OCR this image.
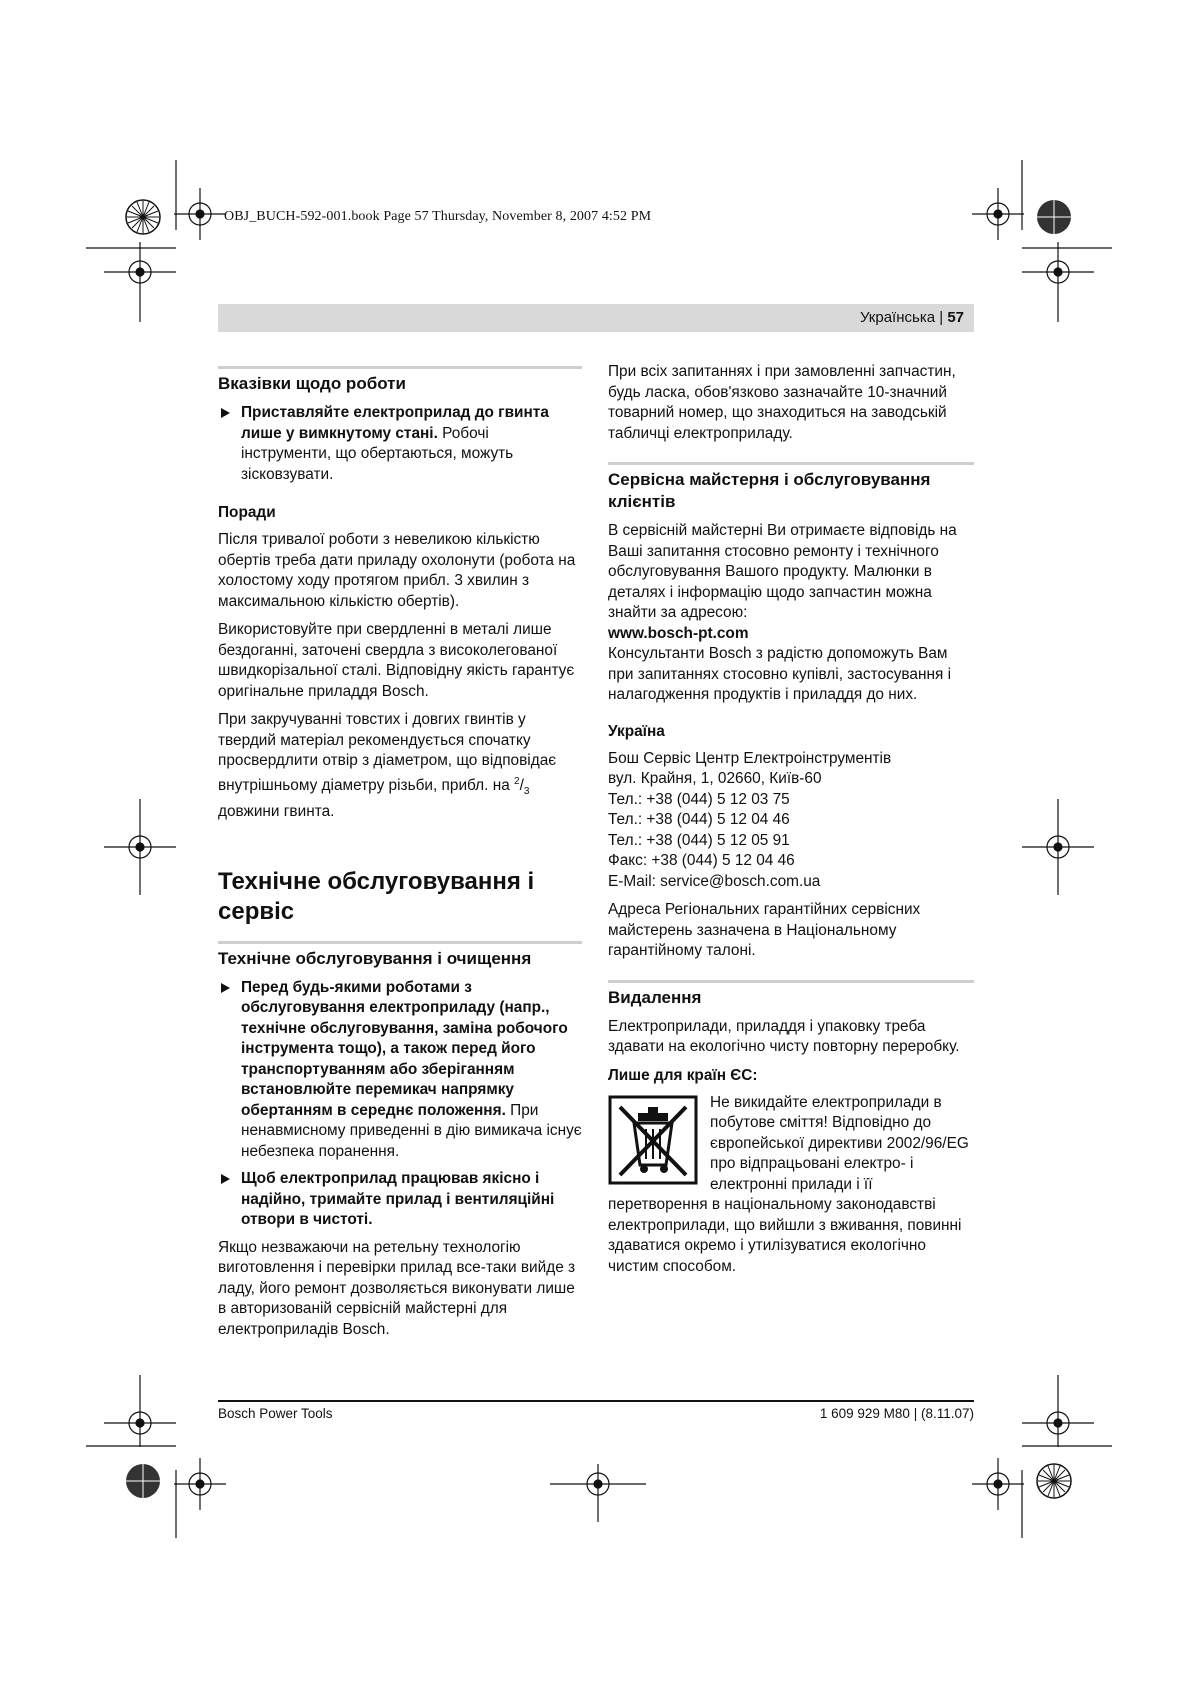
OBJ_BUCH-592-001.book Page 57 Thursday, November 8, 2007 4:52 PM
Українська | 57
Вказівки щодо роботи
Приставляйте електроприлад до гвинта лише у вимкнутому стані. Робочі інструменти, що обертаються, можуть зісковзувати.
Поради

Після тривалої роботи з невеликою кількістю обертів треба дати приладу охолонути (робота на холостому ходу протягом прибл. 3 хвилин з максимальною кількістю обертів).

Використовуйте при свердленні в металі лише бездоганні, заточені свердла з високолегованої швидкорізальної сталі. Відповідну якість гарантує оригінальне приладдя Bosch.

При закручуванні товстих і довгих гвинтів у твердий матеріал рекомендується спочатку просвердлити отвір з діаметром, що відповідає внутрішньому діаметру різьби, прибл. на $^2/_3$ довжини гвинта.

Технічне обслуговування і сервіс
Технічне обслуговування і очищення
Перед будь-якими роботами з обслуговування електроприладу (напр., технічне обслуговування, заміна робочого інструмента тощо), а також перед його транспортуванням або зберіганням встановлюйте перемикач напрямку обертанням в середнє положення. При ненавмисному приведенні в дію вимикача існує небезпека поранення.
Щоб електроприлад працював якісно і надійно, тримайте прилад і вентиляційні отвори в чистоті.

Якщо незважаючи на ретельну технологію виготовлення і перевірки прилад все-таки вийде з ладу, його ремонт дозволяється виконувати лише в авторизованій сервісній майстерні для електроприладів Bosch.

При всіх запитаннях і при замовленні запчастин, будь ласка, обов'язково зазначайте 10-значний товарний номер, що знаходиться на заводській табличці електроприладу.

Сервісна майстерня і обслуговування клієнтів

В сервісній майстерні Ви отримаєте відповідь на Ваші запитання стосовно ремонту і технічного обслуговування Вашого продукту. Малюнки в деталях і інформацію щодо запчастин можна знайти за адресою:

www.bosch-pt.com

Консультанти Bosch з радістю допоможуть Вам при запитаннях стосовно купівлі, застосування і налагодження продуктів і приладдя до них.

Україна
Бош Сервіс Центр Електроінструментів
вул. Крайня, 1, 02660, Київ-60
Тел.: +38 (044) 5 12 03 75
Тел.: +38 (044) 5 12 04 46
Тел.: +38 (044) 5 12 05 91
Факс: +38 (044) 5 12 04 46
E-Mail: service@bosch.com.ua

Адреса Регіональних гарантійних сервісних майстерень зазначена в Національному гарантійному талоні.

Видалення

Електроприлади, приладдя і упаковку треба здавати на екологічно чисту повторну переробку.

Лише для країн ЄС:
Не викидайте електроприлади в побутове сміття! Відповідно до європейської директиви 2002/96/EG про відпрацьовані електро- і електронні прилади і її перетворення в національному законодавстві електроприлади, що вийшли з вживання, повинні здаватися окремо і утилізуватися екологічно чистим способом.
Bosch Power Tools	1 609 929 M80 | (8.11.07)
